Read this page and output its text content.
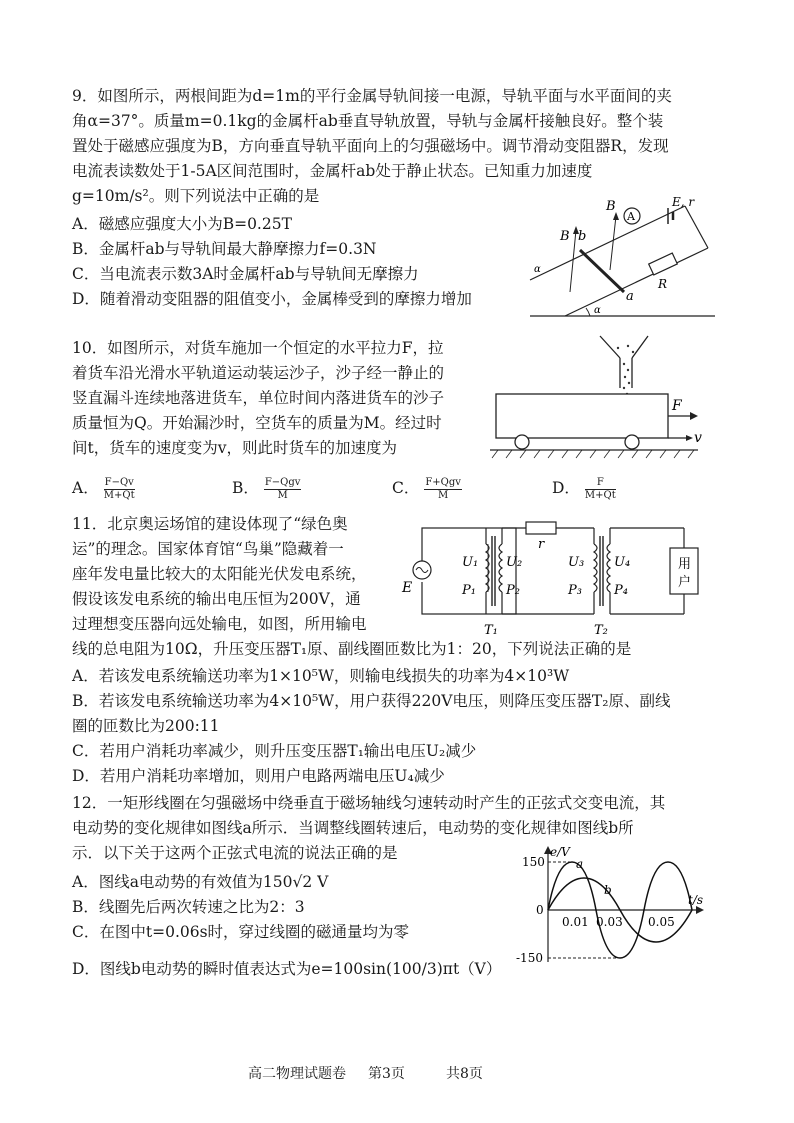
9．如图所示，两根间距为d=1m的平行金属导轨间接一电源，导轨平面与水平面间的夹
角α=37°。质量m=0.1kg的金属杆ab垂直导轨放置，导轨与金属杆接触良好。整个装
置处于磁感应强度为B，方向垂直导轨平面向上的匀强磁场中。调节滑动变阻器R，发现
电流表读数处于1-5A区间范围时，金属杆ab处于静止状态。已知重力加速度
g=10m/s²。则下列说法中正确的是
A．磁感应强度大小为B=0.25T
B．金属杆ab与导轨间最大静摩擦力f=0.3N
C．当电流表示数3A时金属杆ab与导轨间无摩擦力
D．随着滑动变阻器的阻值变小，金属棒受到的摩擦力增加
B
B
b
a
A
E, r
R
α
α
10．如图所示，对货车施加一个恒定的水平拉力F，拉
着货车沿光滑水平轨道运动装运沙子，沙子经一静止的
竖直漏斗连续地落进货车，单位时间内落进货车的沙子
质量恒为Q。开始漏沙时，空货车的质量为M。经过时
间t，货车的速度变为v，则此时货车的加速度为
A． $\frac{F-Qv}{M+Qt}$	B． $\frac{\text{F−Qgv}}{M}$	C． $\frac{\text{F+Qgv}}{M}$	D． $\frac{F}{M+Qt}$
F
v
11．北京奥运场馆的建设体现了“绿色奥
运”的理念。国家体育馆“鸟巢”隐藏着一
座年发电量比较大的太阳能光伏发电系统，
假设该发电系统的输出电压恒为200V，通
过理想变压器向远处输电，如图，所用输电
线的总电阻为10Ω，升压变压器T₁原、副线圈匝数比为1：20，下列说法正确的是
A．若该发电系统输送功率为1×10⁵W，则输电线损失的功率为4×10³W
B．若该发电系统输送功率为4×10⁵W，用户获得220V电压，则降压变压器T₂原、副线
圈的匝数比为200:11
C．若用户消耗功率减少，则升压变压器T₁输出电压U₂减少
D．若用户消耗功率增加，则用户电路两端电压U₄减少
用
户
r
E
U₁
P₁
U₂
P₂
U₃
P₃
U₄
P₄
T₁	T₂
12．一矩形线圈在匀强磁场中绕垂直于磁场轴线匀速转动时产生的正弦式交变电流，其
电动势的变化规律如图线a所示．当调整线圈转速后，电动势的变化规律如图线b所
示．以下关于这两个正弦式电流的说法正确的是
A．图线a电动势的有效值为150√2 V
B．线圈先后两次转速之比为2：3
C．在图中t=0.06s时，穿过线圈的磁通量均为零
D．图线b电动势的瞬时值表达式为e=100sin(100/3)πt（V）
e/V
t/s
150
-150
0
0.01 0.03 0.05
a
b
高二物理试题卷 第3页	共8页
